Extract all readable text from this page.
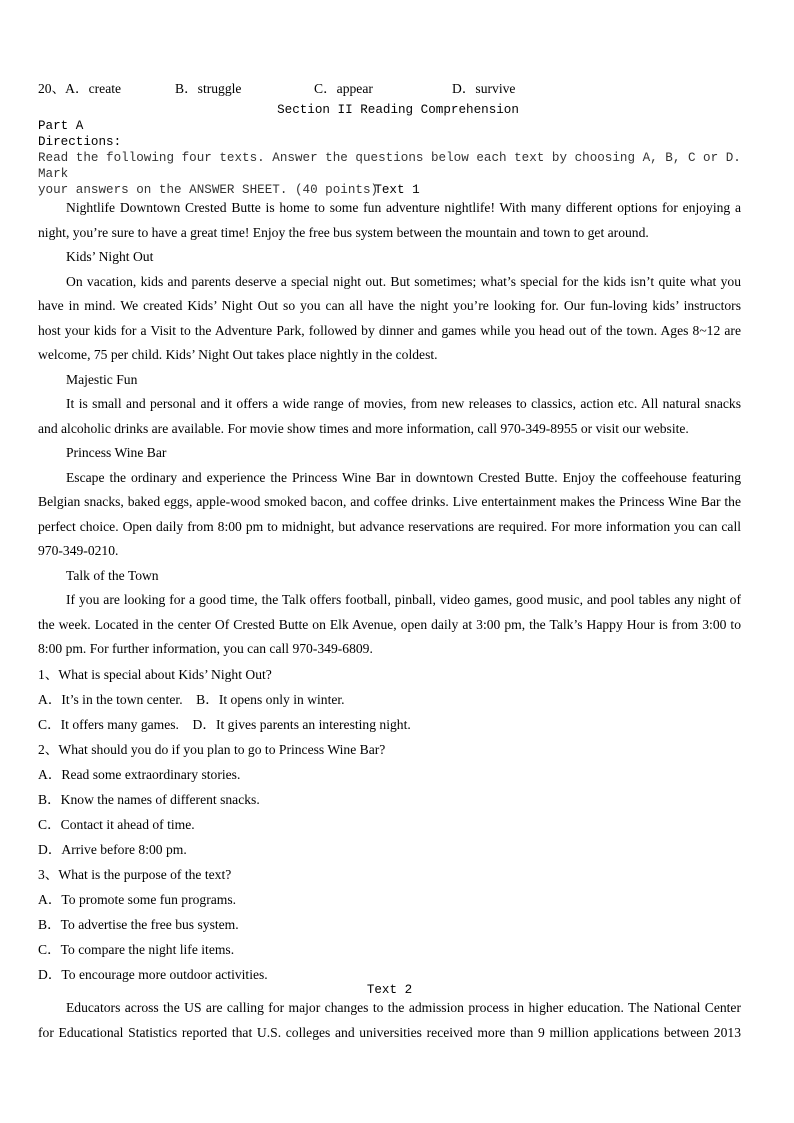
20、A．create	B．struggle	C．appear	D．survive
Section II Reading Comprehension
Part A
Directions:
Read the following four texts. Answer the questions below each text by choosing A, B, C or D. Mark
your answers on the ANSWER SHEET. (40 points)
Text 1
Nightlife Downtown Crested Butte is home to some fun adventure nightlife! With many different options for enjoying a
night, you’re sure to have a great time! Enjoy the free bus system between the mountain and town to get around.
Kids’ Night Out
On vacation, kids and parents deserve a special night out. But sometimes; what’s special for the kids isn’t quite what you
have in mind. We created Kids’ Night Out so you can all have the night you’re looking for. Our fun-loving kids’ instructors
host your kids for a Visit to the Adventure Park, followed by dinner and games while you head out of the town. Ages 8~12 are
welcome, 75 per child. Kids’ Night Out takes place nightly in the coldest.
Majestic Fun
It is small and personal and it offers a wide range of movies, from new releases to classics, action etc. All natural snacks
and alcoholic drinks are available. For movie show times and more information, call 970-349-8955 or visit our website.
Princess Wine Bar
Escape the ordinary and experience the Princess Wine Bar in downtown Crested Butte. Enjoy the coffeehouse featuring
Belgian snacks, baked eggs, apple-wood smoked bacon, and coffee drinks. Live entertainment makes the Princess Wine Bar the
perfect choice. Open daily from 8:00 pm to midnight, but advance reservations are required. For more information you can call
970-349-0210.
Talk of the Town
If you are looking for a good time, the Talk offers football, pinball, video games, good music, and pool tables any night of
the week. Located in the center Of Crested Butte on Elk Avenue, open daily at 3:00 pm, the Talk’s Happy Hour is from 3:00 to
8:00 pm. For further information, you can call 970-349-6809.
1、What is special about Kids’ Night Out?
A．It’s in the town center.　B．It opens only in winter.
C．It offers many games.　D．It gives parents an interesting night.
2、What should you do if you plan to go to Princess Wine Bar?
A．Read some extraordinary stories.
B．Know the names of different snacks.
C．Contact it ahead of time.
D．Arrive before 8:00 pm.
3、What is the purpose of the text?
A．To promote some fun programs.
B．To advertise the free bus system.
C．To compare the night life items.
D．To encourage more outdoor activities.
Text 2
Educators across the US are calling for major changes to the admission process in higher education. The National Center
for Educational Statistics reported that U.S. colleges and universities received more than 9 million applications between 2013
